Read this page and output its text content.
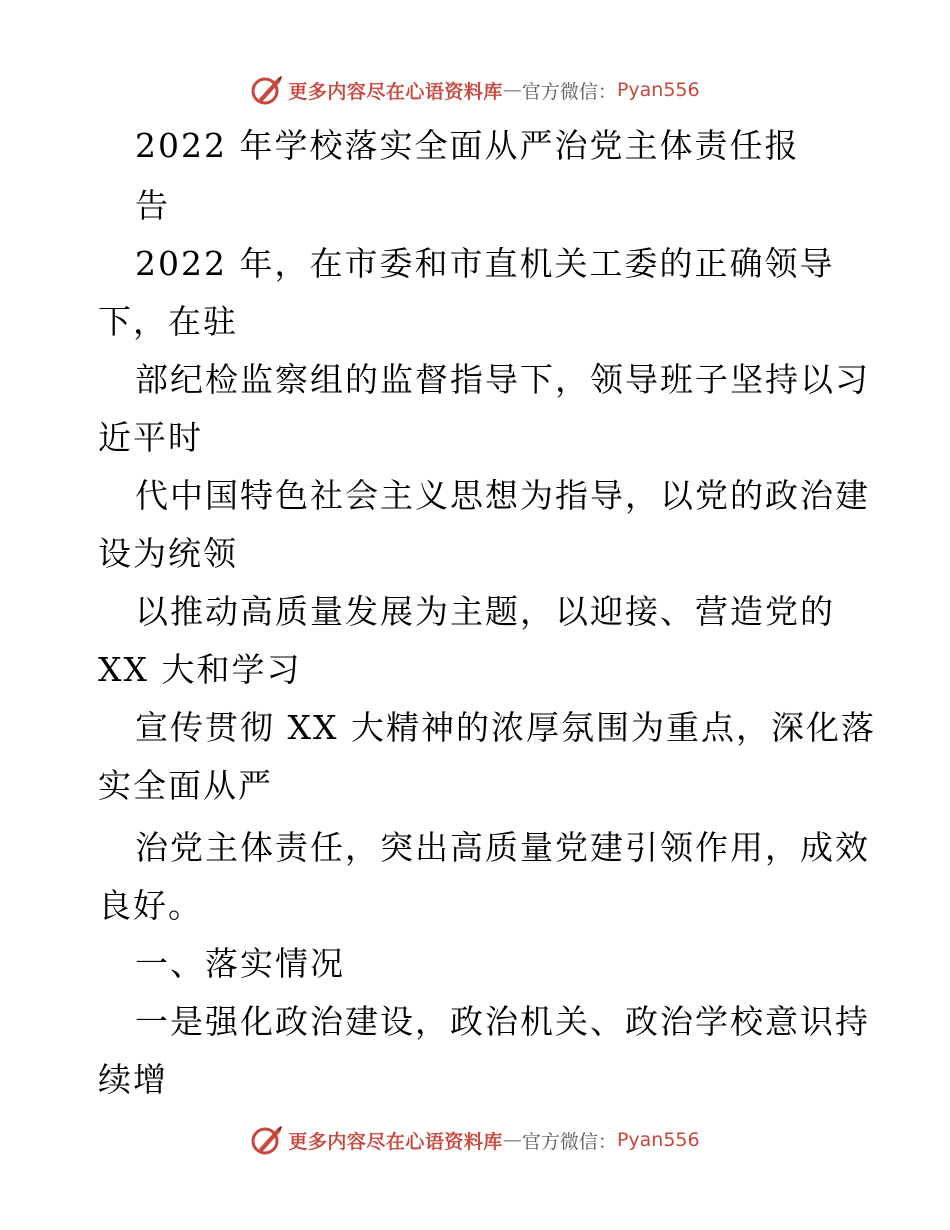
更多内容尽在心语资料库 — 官方微信： Pyan556
2022 年学校落实全面从严治党主体责任报
告
2022 年，在市委和市直机关工委的正确领导
下，在驻
部纪检监察组的监督指导下，领导班子坚持以习
近平时
代中国特色社会主义思想为指导，以党的政治建
设为统领
以推动高质量发展为主题，以迎接、营造党的
XX 大和学习
宣传贯彻 XX 大精神的浓厚氛围为重点，深化落
实全面从严
治党主体责任，突出高质量党建引领作用，成效
良好。
一、落实情况
一是强化政治建设，政治机关、政治学校意识持
续增
更多内容尽在心语资料库 — 官方微信： Pyan556
